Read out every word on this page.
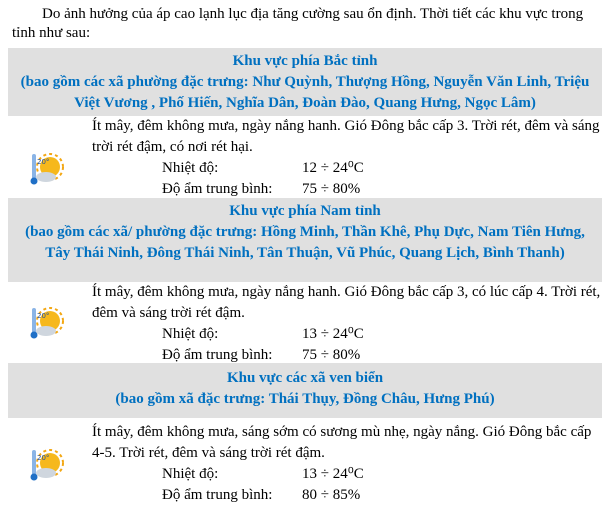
Do ảnh hưởng của áp cao lạnh lục địa tăng cường sau ổn định. Thời tiết các khu vực trong tỉnh như sau:
Khu vực phía Bắc tỉnh
(bao gồm các xã phường đặc trưng: Như Quỳnh, Thượng Hồng, Nguyễn Văn Linh, Triệu Việt Vương , Phố Hiến, Nghĩa Dân, Đoàn Đào, Quang Hưng, Ngọc Lâm)
20°
Ít mây, đêm không mưa, ngày nắng hanh. Gió Đông bắc cấp 3. Trời rét, đêm và sáng trời rét đậm, có nơi rét hại.
Nhiệt độ:	12 ÷ 24⁰C
Độ ẩm trung bình:	75 ÷ 80%
Khu vực phía Nam tỉnh
(bao gồm các xã/ phường đặc trưng: Hồng Minh, Thần Khê, Phụ Dực, Nam Tiên Hưng, Tây Thái Ninh, Đông Thái Ninh, Tân Thuận, Vũ Phúc, Quang Lịch, Bình Thanh)
20°
Ít mây, đêm không mưa, ngày nắng hanh. Gió Đông bắc cấp 3, có lúc cấp 4. Trời rét, đêm và sáng trời rét đậm.
Nhiệt độ:	13 ÷ 24⁰C
Độ ẩm trung bình:	75 ÷ 80%
Khu vực các xã ven biển
(bao gồm xã đặc trưng: Thái Thụy, Đồng Châu, Hưng Phú)
20°
Ít mây, đêm không mưa, sáng sớm có sương mù nhẹ, ngày nắng. Gió Đông bắc cấp 4-5. Trời rét, đêm và sáng trời rét đậm.
Nhiệt độ:	13 ÷ 24⁰C
Độ ẩm trung bình:	80 ÷ 85%
